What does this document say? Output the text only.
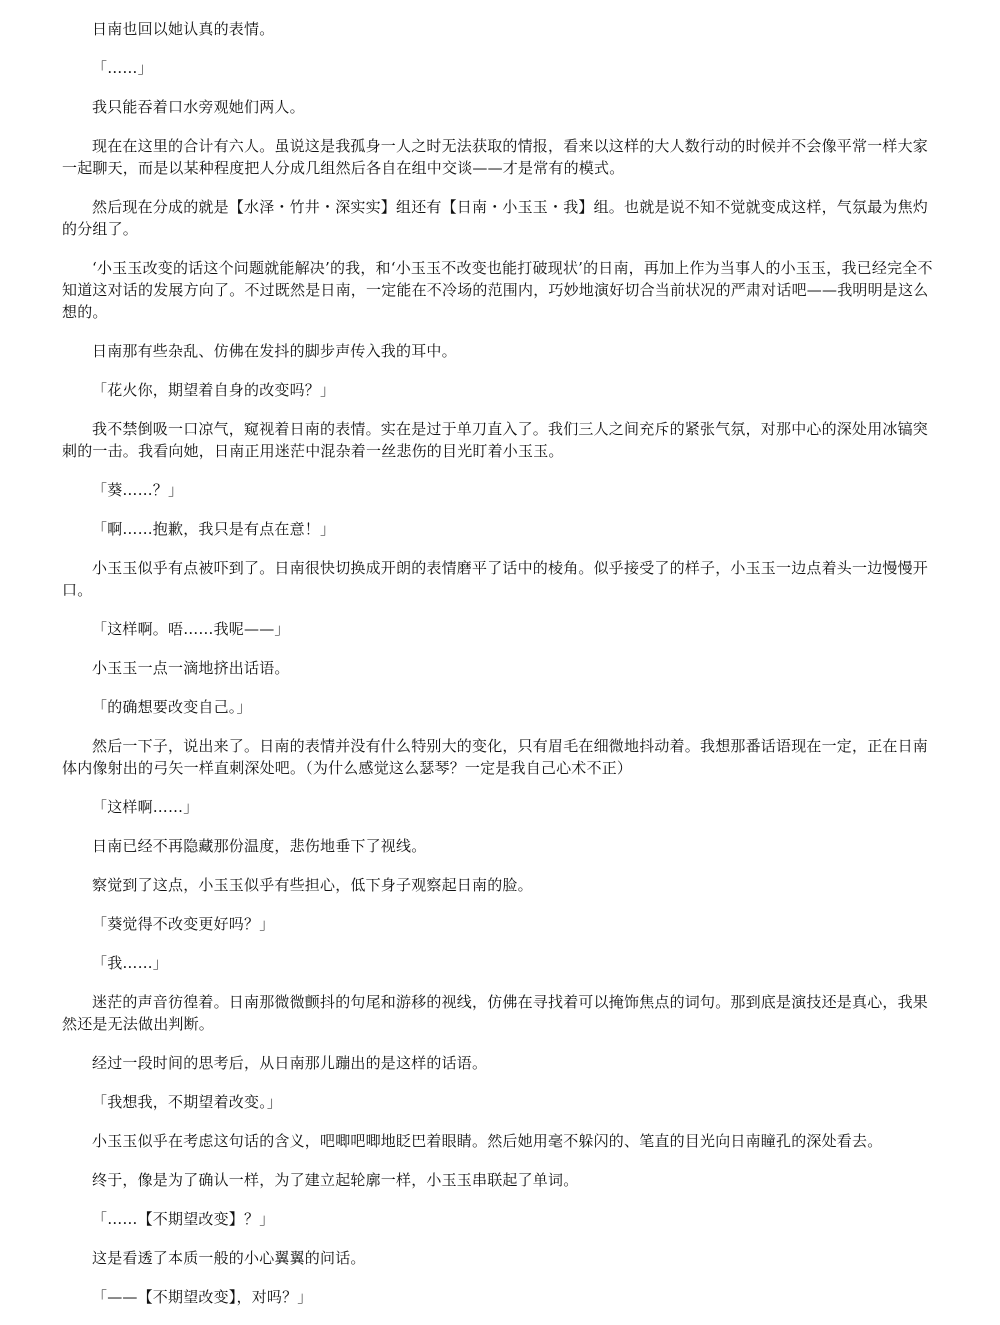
日南也回以她认真的表情。

「……」

我只能吞着口水旁观她们两人。

现在在这里的合计有六人。虽说这是我孤身一人之时无法获取的情报，看来以这样的大人数行动的时候并不会像平常一样大家一起聊天，而是以某种程度把人分成几组然后各自在组中交谈——才是常有的模式。

然后现在分成的就是【水泽・竹井・深实实】组还有【日南・小玉玉・我】组。也就是说不知不觉就变成这样，气氛最为焦灼的分组了。

‘小玉玉改变的话这个问题就能解决’的我，和‘小玉玉不改变也能打破现状’的日南，再加上作为当事人的小玉玉，我已经完全不知道这对话的发展方向了。不过既然是日南，一定能在不冷场的范围内，巧妙地演好切合当前状况的严肃对话吧——我明明是这么想的。

日南那有些杂乱、仿佛在发抖的脚步声传入我的耳中。

「花火你，期望着自身的改变吗？」

我不禁倒吸一口凉气，窥视着日南的表情。实在是过于单刀直入了。我们三人之间充斥的紧张气氛，对那中心的深处用冰镐突刺的一击。我看向她，日南正用迷茫中混杂着一丝悲伤的目光盯着小玉玉。

「葵……？」

「啊……抱歉，我只是有点在意！」

小玉玉似乎有点被吓到了。日南很快切换成开朗的表情磨平了话中的棱角。似乎接受了的样子，小玉玉一边点着头一边慢慢开口。

「这样啊。唔……我呢——」

小玉玉一点一滴地挤出话语。

「的确想要改变自己。」

然后一下子，说出来了。日南的表情并没有什么特别大的变化，只有眉毛在细微地抖动着。我想那番话语现在一定，正在日南体内像射出的弓矢一样直刺深处吧。（为什么感觉这么瑟琴？一定是我自己心术不正）

「这样啊……」

日南已经不再隐藏那份温度，悲伤地垂下了视线。

察觉到了这点，小玉玉似乎有些担心，低下身子观察起日南的脸。

「葵觉得不改变更好吗？」

「我……」

迷茫的声音彷徨着。日南那微微颤抖的句尾和游移的视线，仿佛在寻找着可以掩饰焦点的词句。那到底是演技还是真心，我果然还是无法做出判断。

经过一段时间的思考后，从日南那儿蹦出的是这样的话语。

「我想我，不期望着改变。」

小玉玉似乎在考虑这句话的含义，吧唧吧唧地眨巴着眼睛。然后她用毫不躲闪的、笔直的目光向日南瞳孔的深处看去。

终于，像是为了确认一样，为了建立起轮廓一样，小玉玉串联起了单词。

「……【不期望改变】？」

这是看透了本质一般的小心翼翼的问话。

「——【不期望改变】，对吗？」
